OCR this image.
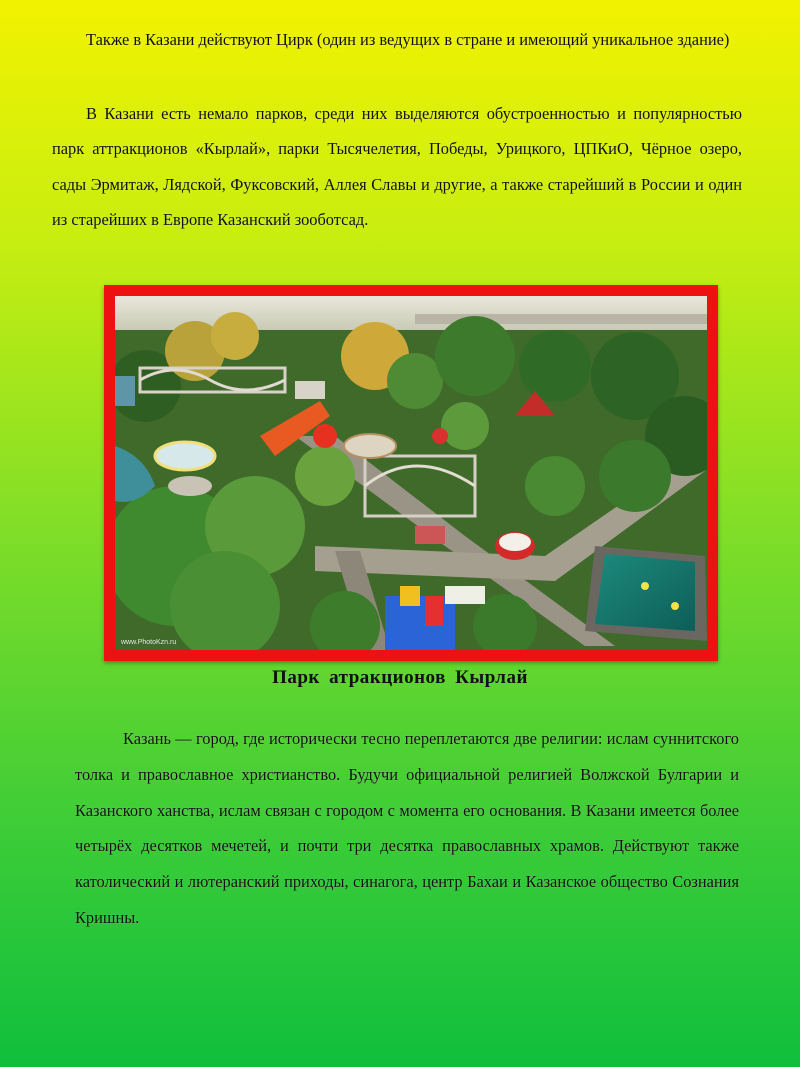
Также в Казани действуют Цирк (один из ведущих в стране и имеющий уникальное здание)

В Казани есть немало парков, среди них выделяются обустроенностью и популярностью парк аттракционов «Кырлай», парки Тысячелетия, Победы, Урицкого, ЦПКиО, Чёрное озеро, сады Эрмитаж, Лядской, Фуксовский, Аллея Славы и другие, а также старейший в России и один из старейших в Европе Казанский зооботсад.

www.PhotoKzn.ru
Парк атракционов Кырлай

Казань — город, где исторически тесно переплетаются две религии: ислам суннитского толка и православное христианство. Будучи официальной религией Волжской Булгарии и Казанского ханства, ислам связан с городом с момента его основания. В Казани имеется более четырёх десятков мечетей, и почти три десятка православных храмов. Действуют также католический и лютеранский приходы, синагога, центр Бахаи и Казанское общество Сознания Кришны.
